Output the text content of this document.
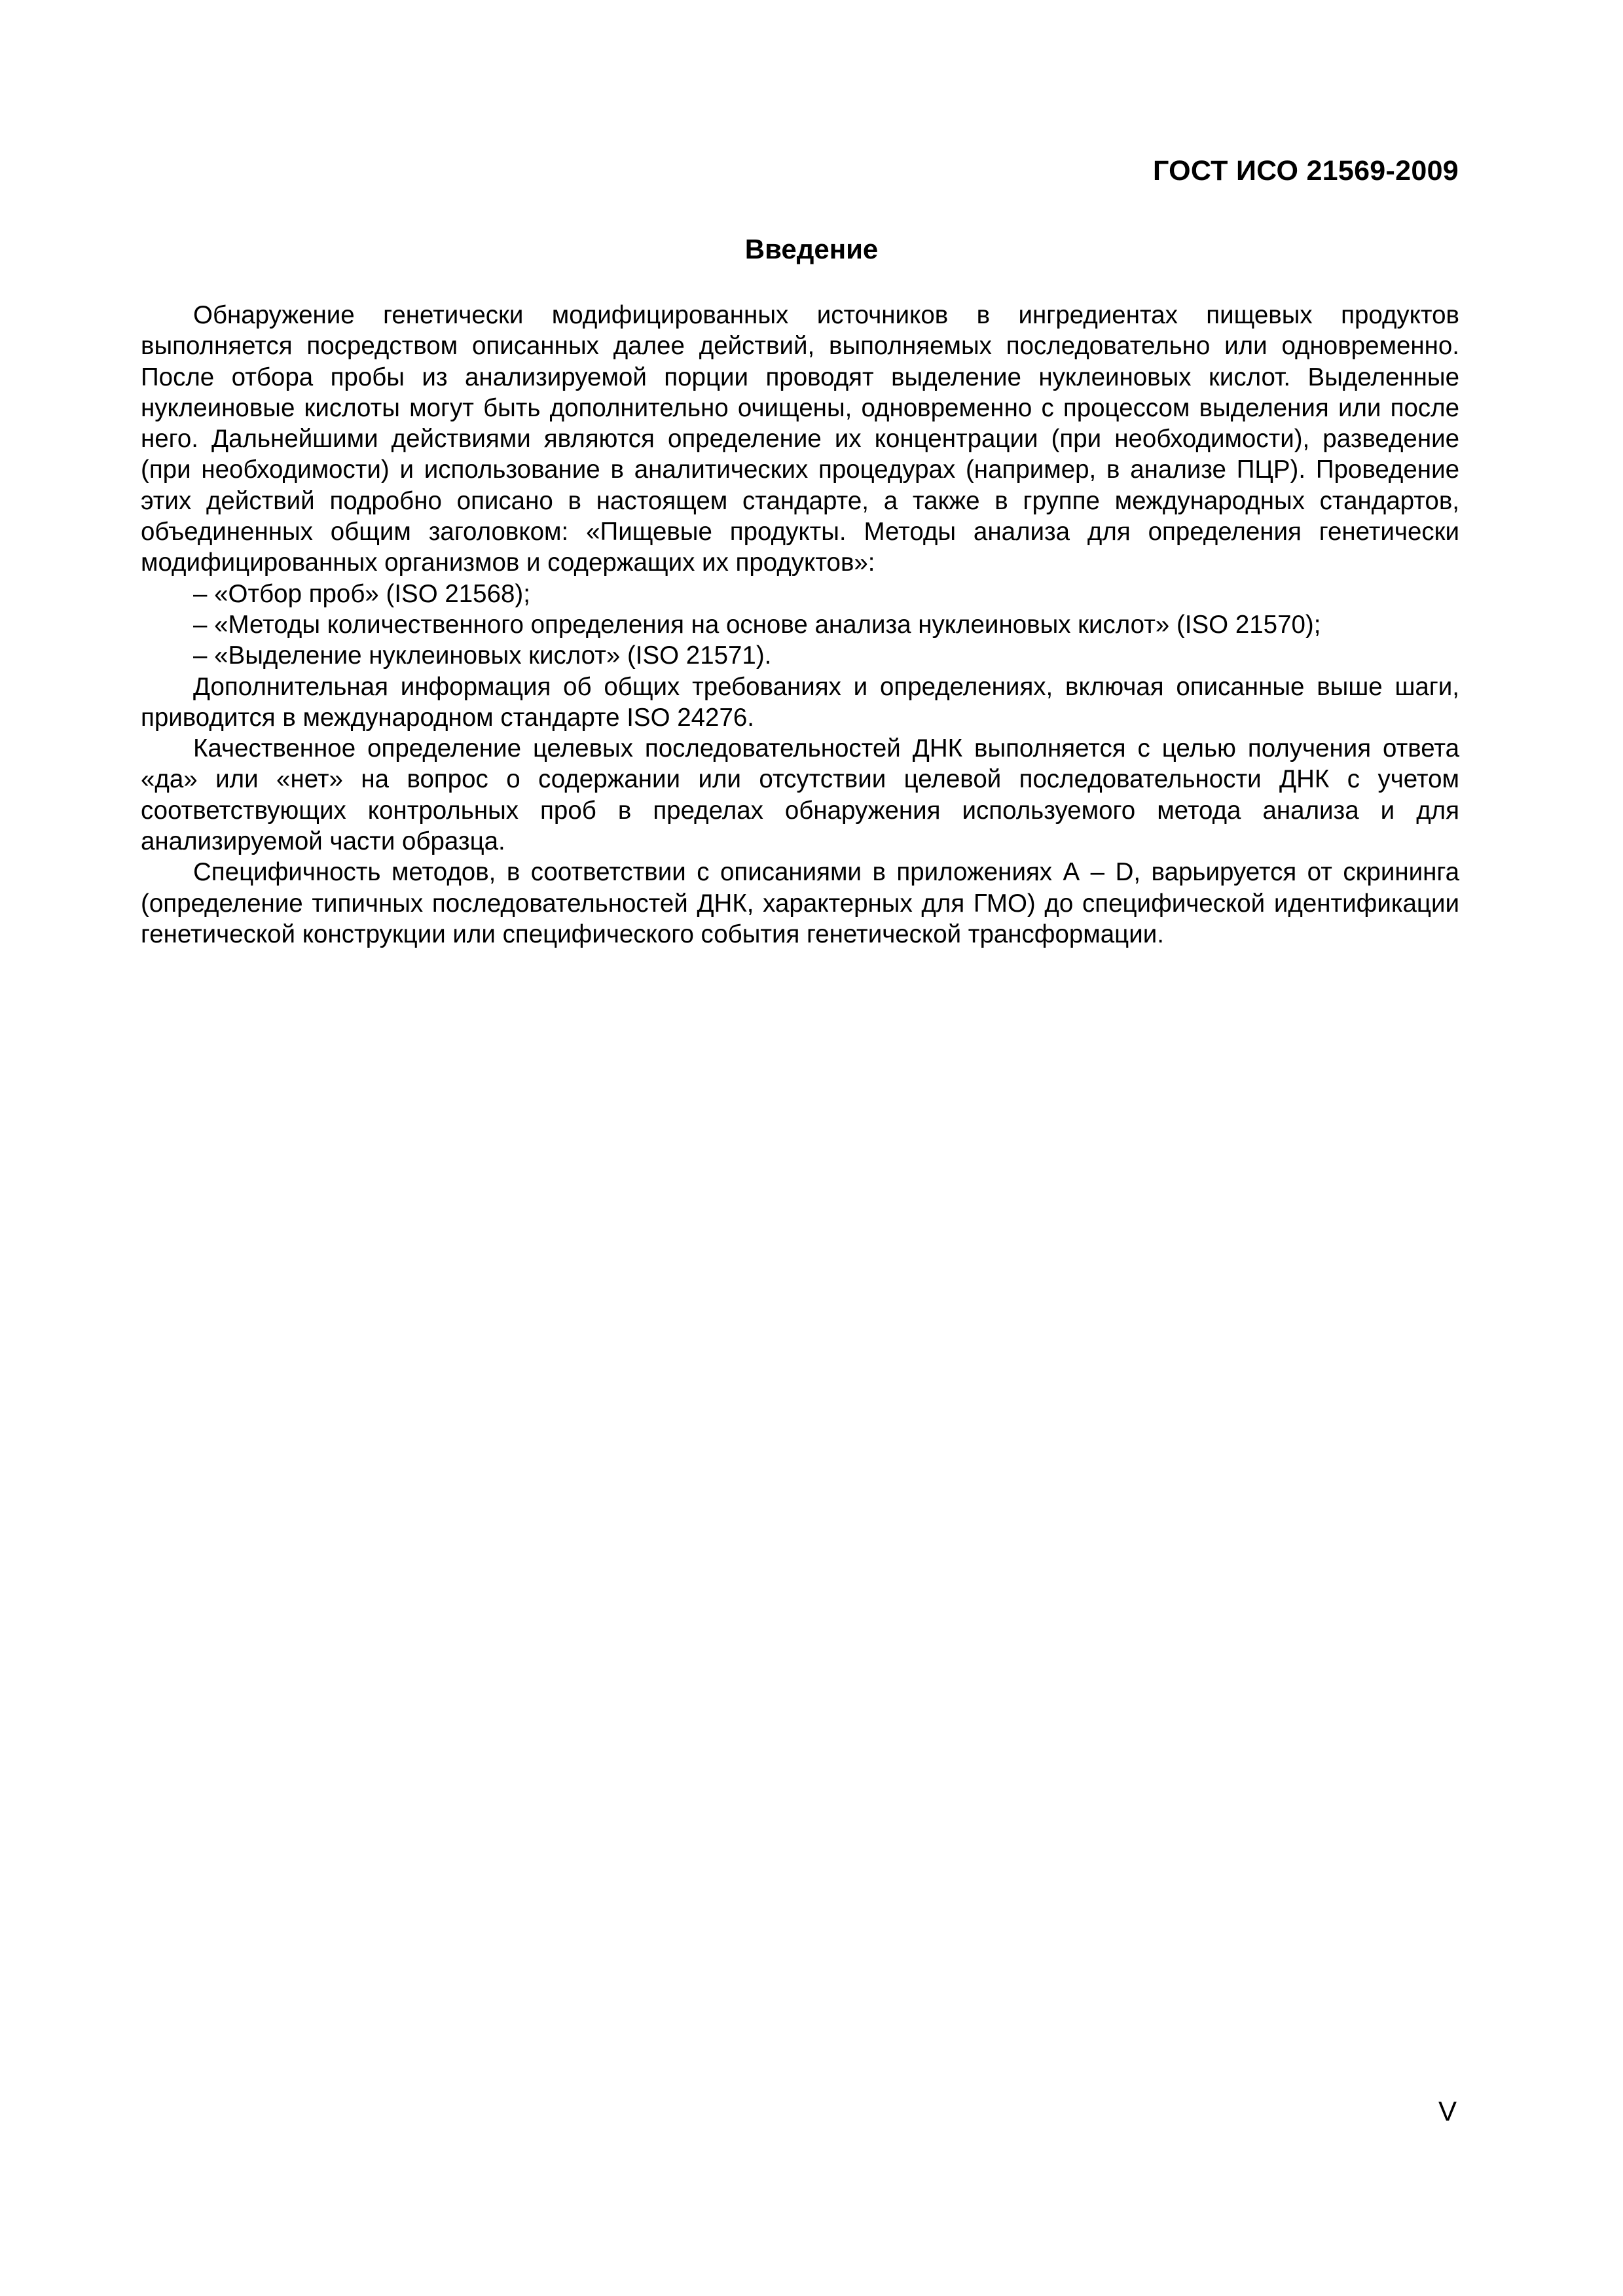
ГОСТ ИСО 21569-2009
Введение

Обнаружение генетически модифицированных источников в ингредиентах пищевых продуктов выполняется посредством описанных далее действий, выполняемых последовательно или одновременно. После отбора пробы из анализируемой порции проводят выделение нуклеиновых кислот. Выделенные нуклеиновые кислоты могут быть дополнительно очищены, одновременно с процессом выделения или после него. Дальнейшими действиями являются определение их концентрации (при необходимости), разведение (при необходимости) и использование в аналитических процедурах (например, в анализе ПЦР). Проведение этих действий подробно описано в настоящем стандарте, а также в группе международных стандартов, объединенных общим заголовком: «Пищевые продукты. Методы анализа для определения генетически модифицированных организмов и содержащих их продуктов»:

– «Отбор проб» (ISO 21568);

– «Методы количественного определения на основе анализа нуклеиновых кислот» (ISO 21570);

– «Выделение нуклеиновых кислот» (ISO 21571).

Дополнительная информация об общих требованиях и определениях, включая описанные выше шаги, приводится в международном стандарте ISO 24276.

Качественное определение целевых последовательностей ДНК выполняется с целью получения ответа «да» или «нет» на вопрос о содержании или отсутствии целевой последовательности ДНК с учетом соответствующих контрольных проб в пределах обнаружения используемого метода анализа и для анализируемой части образца.

Специфичность методов, в соответствии с описаниями в приложениях А – D, варьируется от скрининга (определение типичных последовательностей ДНК, характерных для ГМО) до специфической идентификации генетической конструкции или специфического события генетической трансформации.

V
